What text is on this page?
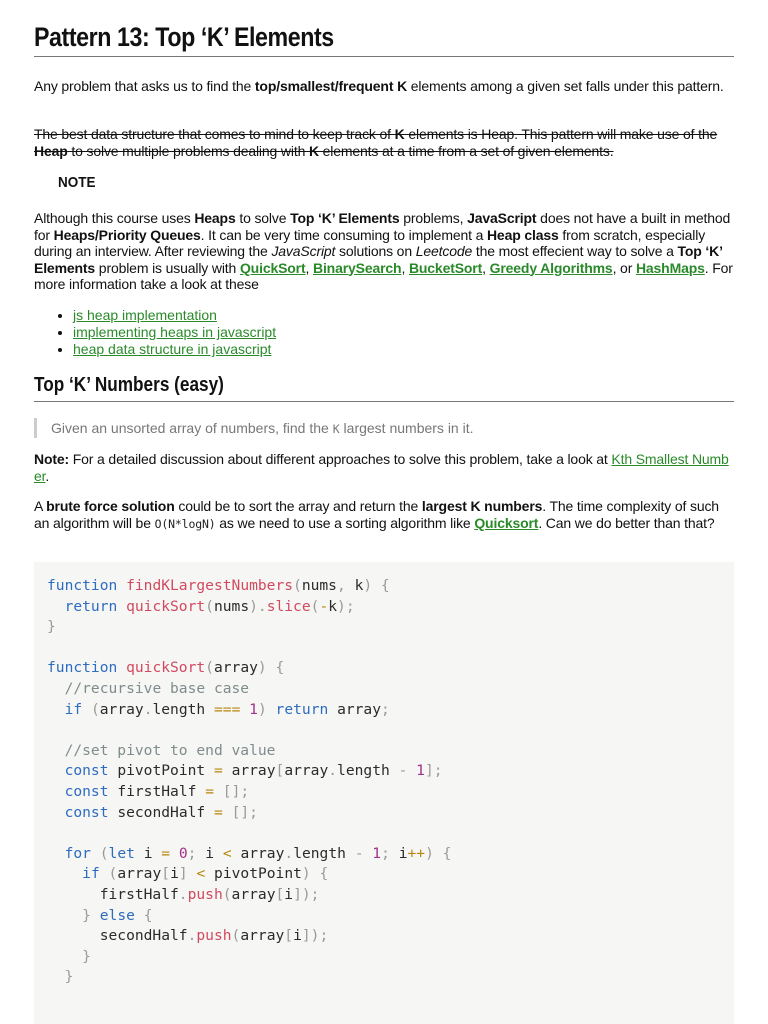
Pattern 13: Top ‘K’ Elements
Any problem that asks us to find the top/smallest/frequent K elements among a given set falls under this pattern.
The best data structure that comes to mind to keep track of K elements is Heap. This pattern will make use of the Heap to solve multiple problems dealing with K elements at a time from a set of given elements.
NOTE
Although this course uses Heaps to solve Top ‘K’ Elements problems, JavaScript does not have a built in method for Heaps/Priority Queues. It can be very time consuming to implement a Heap class from scratch, especially during an interview. After reviewing the JavaScript solutions on Leetcode the most effecient way to solve a Top ‘K’ Elements problem is usually with QuickSort, BinarySearch, BucketSort, Greedy Algorithms, or HashMaps. For more information take a look at these
• js heap implementation
• implementing heaps in javascript
• heap data structure in javascript
Top ‘K’ Numbers (easy)
Given an unsorted array of numbers, find the K largest numbers in it.
Note: For a detailed discussion about different approaches to solve this problem, take a look at Kth Smallest Number.
A brute force solution could be to sort the array and return the largest K numbers. The time complexity of such an algorithm will be O(N*logN) as we need to use a sorting algorithm like Quicksort. Can we do better than that?
function findKLargestNumbers(nums, k) {
return quickSort(nums).slice(-k);
}

function quickSort(array) {
//recursive base case
if (array.length === 1) return array;

//set pivot to end value
const pivotPoint = array[array.length - 1];
const firstHalf = [];
const secondHalf = [];

for (let i = 0; i < array.length - 1; i++) {
if (array[i] < pivotPoint) {
firstHalf.push(array[i]);
} else {
secondHalf.push(array[i]);
}
}
